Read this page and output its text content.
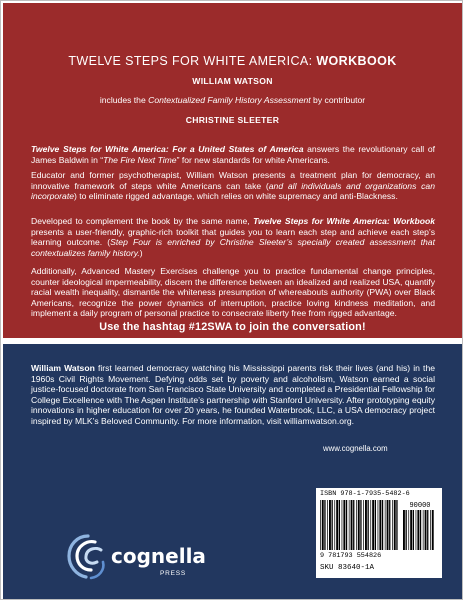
TWELVE STEPS FOR WHITE AMERICA: WORKBOOK
WILLIAM WATSON
includes the Contextualized Family History Assessment by contributor
CHRISTINE SLEETER

Twelve Steps for White America: For a United States of America answers the revolutionary call of James Baldwin in “The Fire Next Time” for new standards for white Americans.

Educator and former psychotherapist, William Watson presents a treatment plan for democracy, an innovative framework of steps white Americans can take (and all individuals and organizations can incorporate) to eliminate rigged advantage, which relies on white supremacy and anti-Blackness.

Developed to complement the book by the same name, Twelve Steps for White America: Workbook presents a user-friendly, graphic-rich toolkit that guides you to learn each step and achieve each step’s learning outcome. (Step Four is enriched by Christine Sleeter’s specially created assessment that contextualizes family history.)

Additionally, Advanced Mastery Exercises challenge you to practice fundamental change principles, counter ideological impermeability, discern the difference between an idealized and realized USA, quantify racial wealth inequality, dismantle the whiteness presumption of whereabouts authority (PWA) over Black Americans, recognize the power dynamics of interruption, practice loving kindness meditation, and implement a daily program of personal practice to consecrate liberty free from rigged advantage.

Use the hashtag #12SWA to join the conversation!

William Watson first learned democracy watching his Mississippi parents risk their lives (and his) in the 1960s Civil Rights Movement. Defying odds set by poverty and alcoholism, Watson earned a social justice-focused doctorate from San Francisco State University and completed a Presidential Fellowship for College Excellence with The Aspen Institute’s partnership with Stanford University. After prototyping equity innovations in higher education for over 20 years, he founded Waterbrook, LLC, a USA democracy project inspired by MLK’s Beloved Community. For more information, visit williamwatson.org.

www.cognella.com
cognella
PRESS
ISBN 978-1-7935-5482-6
90000
9 781793 554826
SKU 83640-1A
